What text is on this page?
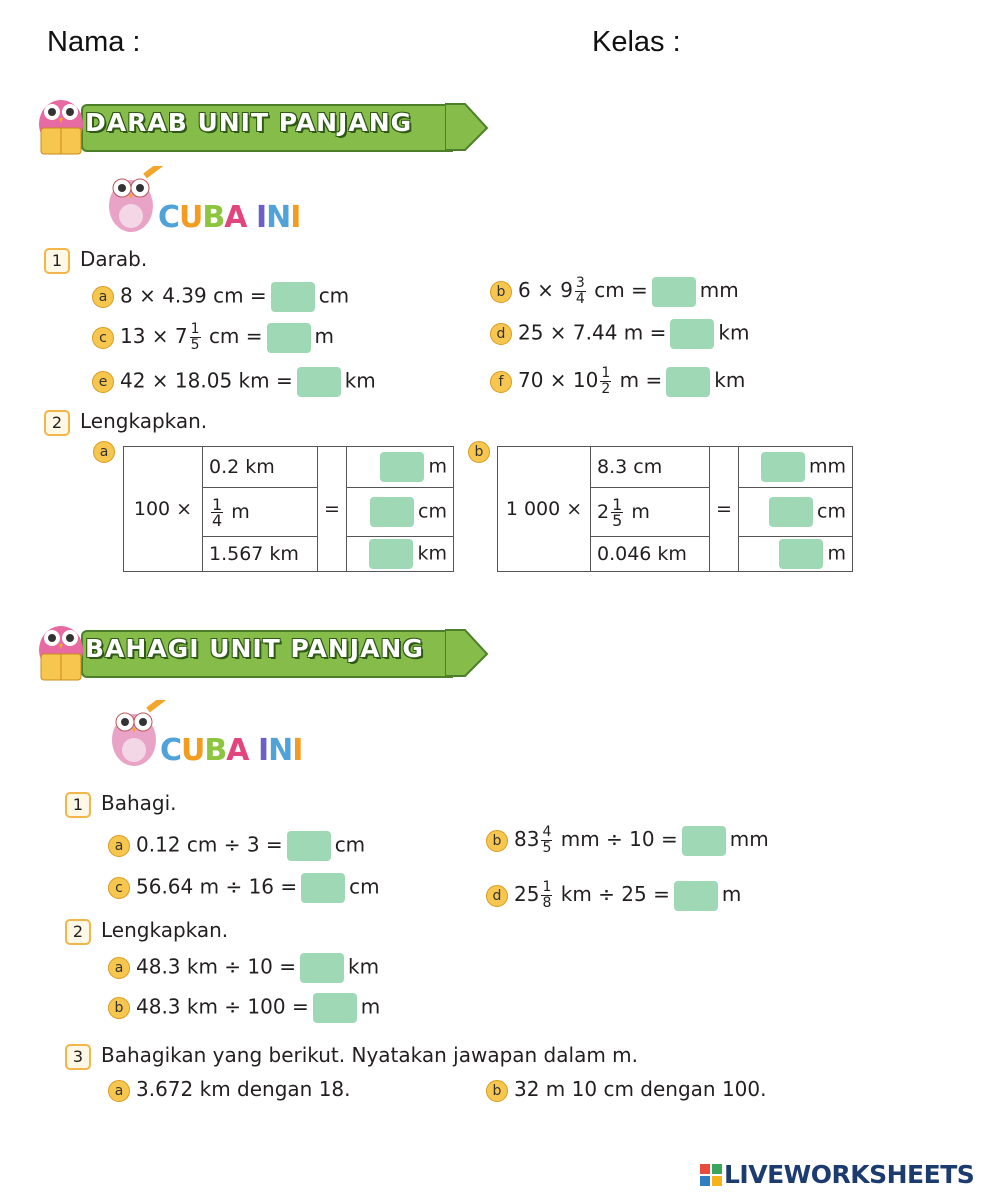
Nama :	Kelas :
DARAB UNIT PANJANG
CUBA INI
1 Darab.
a 8 × 4.39 cm =	cm	b $6 \times 9 \frac{3}{4}$ cm =	mm
c $13 \times 7 \frac{1}{5}$ cm =	m	d 25 × 7.44 m =	km
e 42 × 18.05 km =	km	f $70 \times 10 \frac{1}{2}$ m =	km
2 Lengkapkan.
a
100 ×	0.2 km	=	m

	$\frac{1}{4}$ m		cm
	1.567 km		km
b
1 000 ×	8.3 cm	=	mm
	$2 \frac{1}{5}$ m		cm
	0.046 km		m
BAHAGI UNIT PANJANG
CUBA INI
1 Bahagi.
a 0.12 cm ÷ 3 =	cm	b $83 \frac{4}{5}$ mm ÷ 10 =	mm
c 56.64 m ÷ 16 =	cm	d $25 \frac{1}{8}$ km ÷ 25 =	m
2 Lengkapkan.
a 48.3 km ÷ 10 =	km
b 48.3 km ÷ 100 =	m
3 Bahagikan yang berikut. Nyatakan jawapan dalam m.
a 3.672 km dengan 18.	b 32 m 10 cm dengan 100.
LIVEWORKSHEETS
